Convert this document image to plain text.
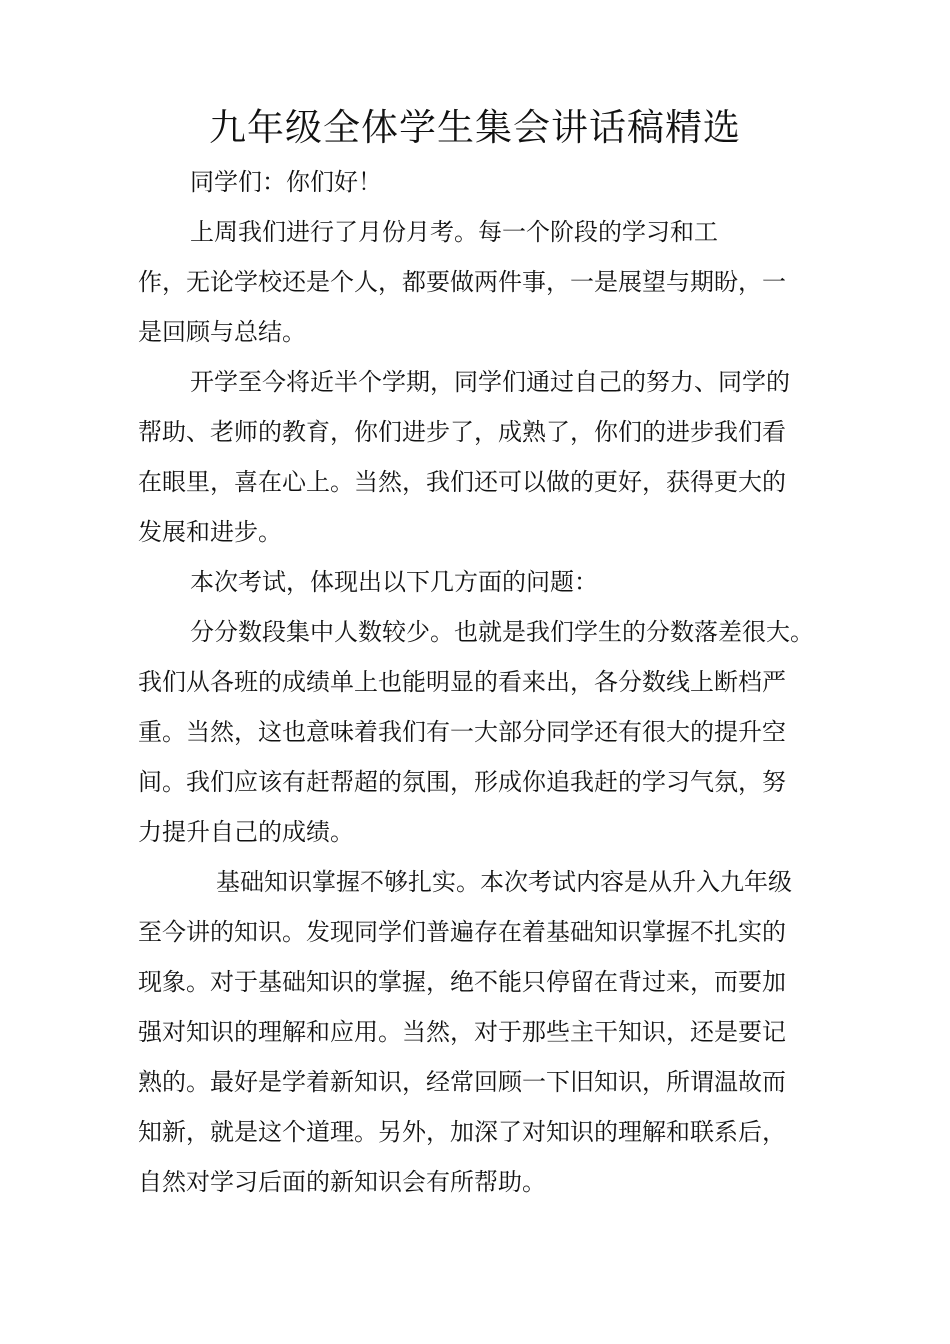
九年级全体学生集会讲话稿精选
同学们：你们好！
上周我们进行了月份月考。每一个阶段的学习和工
作，无论学校还是个人，都要做两件事，一是展望与期盼，一
是回顾与总结。
开学至今将近半个学期，同学们通过自己的努力、同学的
帮助、老师的教育，你们进步了，成熟了，你们的进步我们看
在眼里，喜在心上。当然，我们还可以做的更好，获得更大的
发展和进步。
本次考试，体现出以下几方面的问题：
分分数段集中人数较少。也就是我们学生的分数落差很大。
我们从各班的成绩单上也能明显的看来出，各分数线上断档严
重。当然，这也意味着我们有一大部分同学还有很大的提升空
间。我们应该有赶帮超的氛围，形成你追我赶的学习气氛，努
力提升自己的成绩。
基础知识掌握不够扎实。本次考试内容是从升入九年级
至今讲的知识。发现同学们普遍存在着基础知识掌握不扎实的
现象。对于基础知识的掌握，绝不能只停留在背过来，而要加
强对知识的理解和应用。当然，对于那些主干知识，还是要记
熟的。最好是学着新知识，经常回顾一下旧知识，所谓温故而
知新，就是这个道理。另外，加深了对知识的理解和联系后，
自然对学习后面的新知识会有所帮助。
